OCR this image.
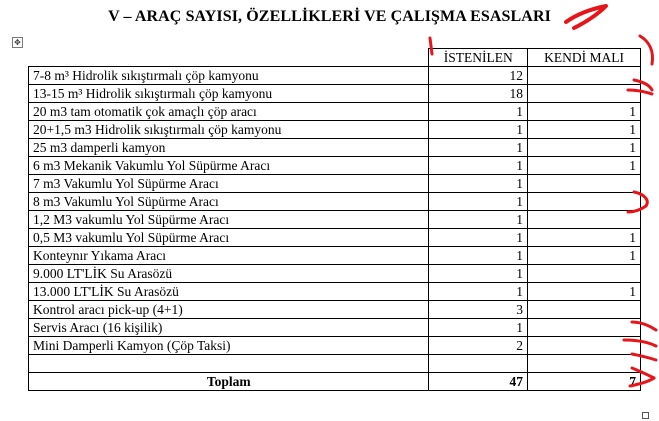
V – ARAÇ SAYISI, ÖZELLİKLERİ VE ÇALIŞMA ESASLARI
✥
	İSTENİLEN	KENDİ MALI
7-8 m³ Hidrolik sıkıştırmalı çöp kamyonu	12	
13-15 m³ Hidrolik sıkıştırmalı çöp kamyonu	18	
20 m3 tam otomatik çok amaçlı çöp aracı	1	1
20+1,5 m3 Hidrolik sıkıştırmalı çöp kamyonu	1	1
25 m3 damperli kamyon	1	1
6 m3 Mekanik Vakumlu Yol Süpürme Aracı	1	1
7 m3 Vakumlu Yol Süpürme Aracı	1	
8 m3 Vakumlu Yol Süpürme Aracı	1	
1,2 M3 vakumlu Yol Süpürme Aracı	1	
0,5 M3 vakumlu Yol Süpürme Aracı	1	1
Konteynır Yıkama Aracı	1	1
9.000 LT'LİK Su Arasözü	1	
13.000 LT'LİK Su Arasözü	1	1
Kontrol aracı pick-up (4+1)	3	
Servis Aracı (16 kişilik)	1	
Mini Damperli Kamyon (Çöp Taksi)	2	

Toplam	47	7
